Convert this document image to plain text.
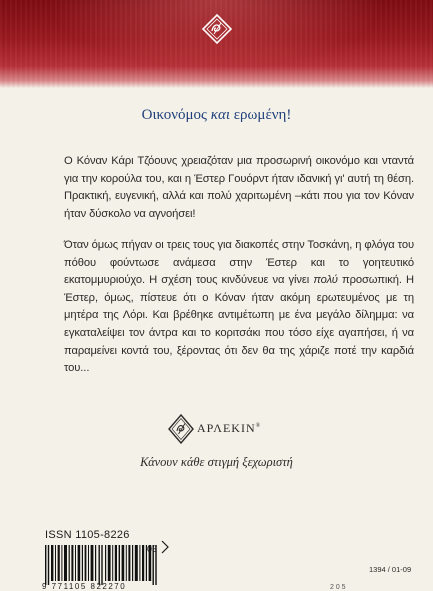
Οικονόμος και ερωμένη!
Ο Κόναν Κάρι Τζόουνς χρειαζόταν μια προσωρινή οικονόμο και νταντά για την κορούλα του, και η Έστερ Γουόρντ ήταν ιδανική γι' αυτή τη θέση. Πρακτική, ευγενική, αλλά και πολύ χαριτωμένη –κάτι που για τον Κόναν ήταν δύσκολο να αγνοήσει!
Όταν όμως πήγαν οι τρεις τους για διακοπές στην Τοσκάνη, η φλόγα του πόθου φούντωσε ανάμεσα στην Έστερ και το γοητευτικό εκατομμυριούχο. Η σχέση τους κινδύνευε να γίνει πολύ προσωπική. Η Έστερ, όμως, πίστευε ότι ο Κόναν ήταν ακόμη ερωτευμένος με τη μητέρα της Λόρι. Και βρέθηκε αντιμέτωπη με ένα μεγάλο δίλημμα: να εγκαταλείψει τον άντρα και το κοριτσάκι που τόσο είχε αγαπήσει, ή να παραμείνει κοντά του, ξέροντας ότι δεν θα της χάριζε ποτέ την καρδιά του...
ΑΡΛΕΚΙΝ®
Κάνουν κάθε στιγμή ξεχωριστή
ISSN 1105-8226
03
9 771105 822270
1394 / 01-09
2 0 5
